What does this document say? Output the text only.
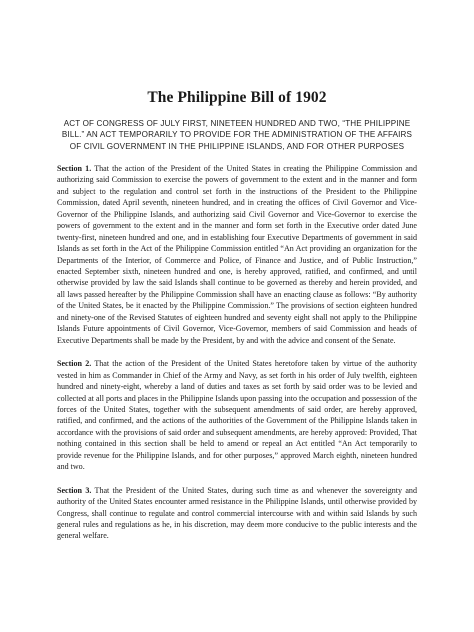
The Philippine Bill of 1902
ACT OF CONGRESS OF JULY FIRST, NINETEEN HUNDRED AND TWO, “THE PHILIPPINE BILL.” AN ACT TEMPORARILY TO PROVIDE FOR THE ADMINISTRATION OF THE AFFAIRS OF CIVIL GOVERNMENT IN THE PHILIPPINE ISLANDS, AND FOR OTHER PURPOSES

Section 1. That the action of the President of the United States in creating the Philippine Commission and authorizing said Commission to exercise the powers of government to the extent and in the manner and form and subject to the regulation and control set forth in the instructions of the President to the Philippine Commission, dated April seventh, nineteen hundred, and in creating the offices of Civil Governor and Vice-Governor of the Philippine Islands, and authorizing said Civil Governor and Vice-Governor to exercise the powers of government to the extent and in the manner and form set forth in the Executive order dated June twenty-first, nineteen hundred and one, and in establishing four Executive Departments of government in said Islands as set forth in the Act of the Philippine Commission entitled “An Act providing an organization for the Departments of the Interior, of Commerce and Police, of Finance and Justice, and of Public Instruction,” enacted September sixth, nineteen hundred and one, is hereby approved, ratified, and confirmed, and until otherwise provided by law the said Islands shall continue to be governed as thereby and herein provided, and all laws passed hereafter by the Philippine Commission shall have an enacting clause as follows: “By authority of the United States, be it enacted by the Philippine Commission.” The provisions of section eighteen hundred and ninety-one of the Revised Statutes of eighteen hundred and seventy eight shall not apply to the Philippine Islands Future appointments of Civil Governor, Vice-Governor, members of said Commission and heads of Executive Departments shall be made by the President, by and with the advice and consent of the Senate.

Section 2. That the action of the President of the United States heretofore taken by virtue of the authority vested in him as Commander in Chief of the Army and Navy, as set forth in his order of July twelfth, eighteen hundred and ninety-eight, whereby a land of duties and taxes as set forth by said order was to be levied and collected at all ports and places in the Philippine Islands upon passing into the occupation and possession of the forces of the United States, together with the subsequent amendments of said order, are hereby approved, ratified, and confirmed, and the actions of the authorities of the Government of the Philippine Islands taken in accordance with the provisions of said order and subsequent amendments, are hereby approved: Provided, That nothing contained in this section shall be held to amend or repeal an Act entitled “An Act temporarily to provide revenue for the Philippine Islands, and for other purposes,” approved March eighth, nineteen hundred and two.

Section 3. That the President of the United States, during such time as and whenever the sovereignty and authority of the United States encounter armed resistance in the Philippine Islands, until otherwise provided by Congress, shall continue to regulate and control commercial intercourse with and within said Islands by such general rules and regulations as he, in his discretion, may deem more conducive to the public interests and the general welfare.
